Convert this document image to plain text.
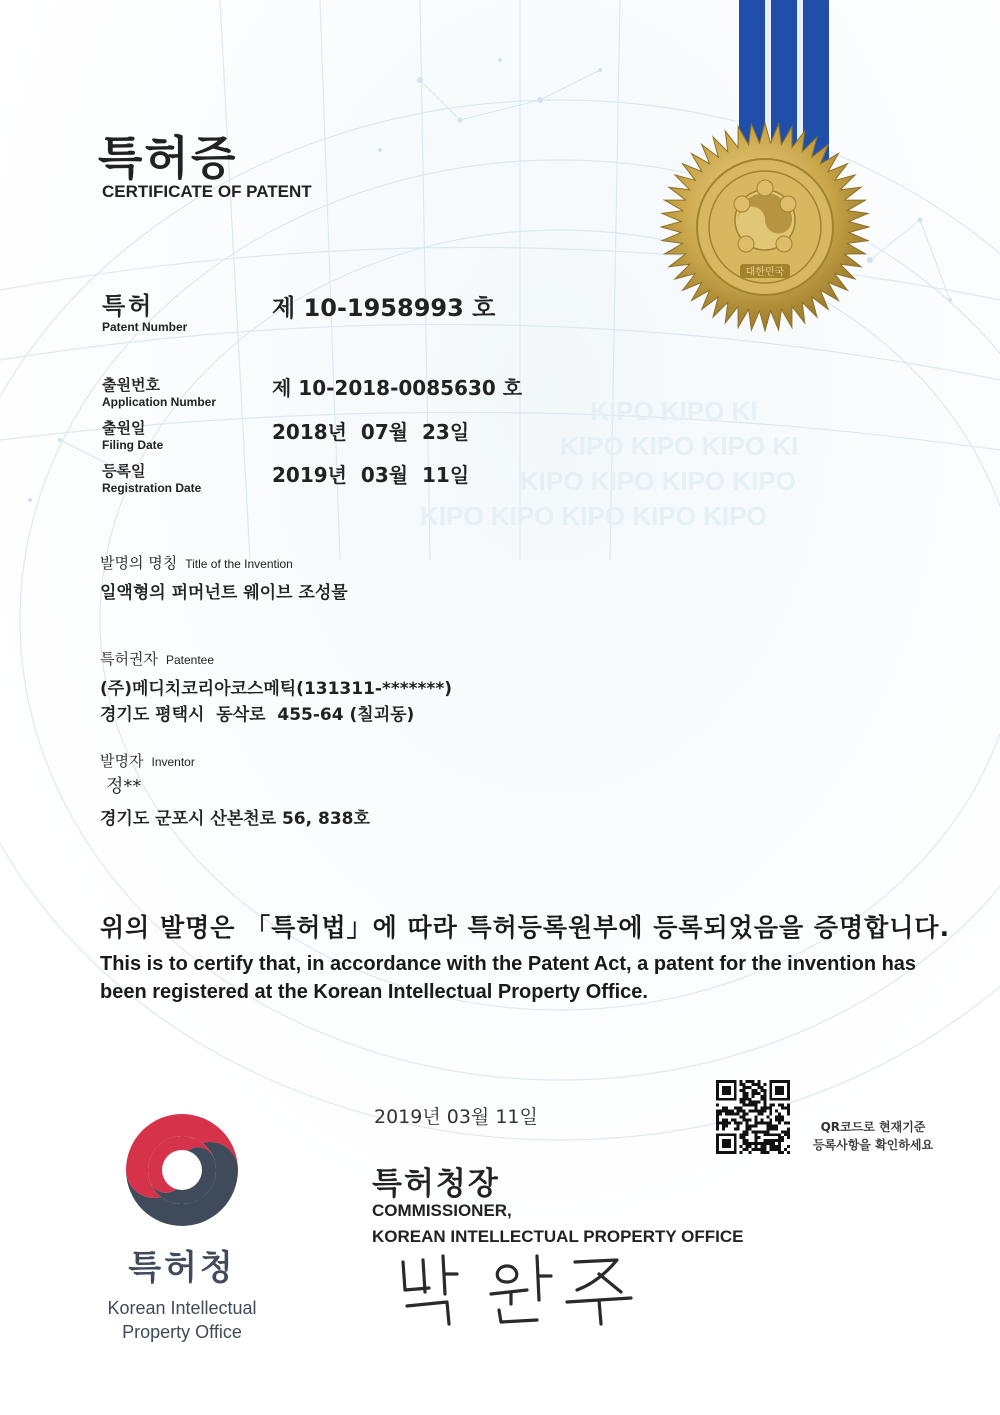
KIPO KIPO KI
KIPO KIPO KIPO KI
KIPO KIPO KIPO KIPO
KIPO KIPO KIPO KIPO KIPO
대한민국
특허증
CERTIFICATE OF PATENT
특허
Patent Number
제 10-1958993 호
출원번호
Application Number
제 10-2018-0085630 호
출원일
Filing Date
2018년  07월  23일
등록일
Registration Date
2019년  03월  11일
발명의 명칭 Title of the Invention
일액형의 퍼머넌트 웨이브 조성물
특허권자 Patentee
(주)메디치코리아코스메틱(131311-*******)
경기도 평택시  동삭로  455-64 (칠괴동)
발명자 Inventor
정**
경기도 군포시 산본천로 56, 838호
위의 발명은 「특허법」에 따라 특허등록원부에 등록되었음을 증명합니다.
This is to certify that, in accordance with the Patent Act, a patent for the invention has been registered at the Korean Intellectual Property Office.
2019년 03월 11일
특허청장
COMMISSIONER,
KOREAN INTELLECTUAL PROPERTY OFFICE
QR코드로 현재기준
등록사항을 확인하세요
특허청
Korean Intellectual
Property Office
